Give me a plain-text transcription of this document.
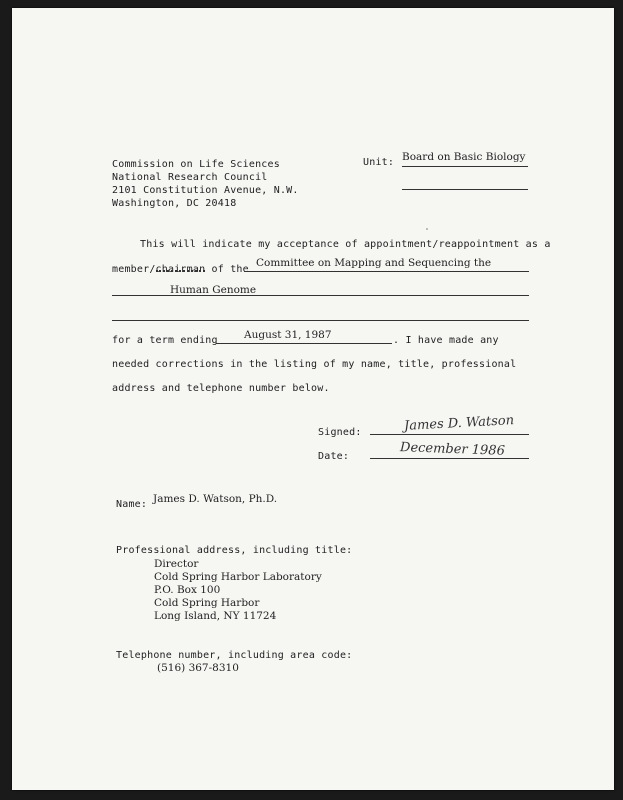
Commission on Life Sciences
National Research Council
2101 Constitution Avenue, N.W.
Washington, DC 20418
Unit: Board on Basic Biology
This will indicate my acceptance of appointment/reappointment as a
member/chairman of the
Committee on Mapping and Sequencing the
Human Genome
for a term ending	August 31, 1987	. I have made any
needed corrections in the listing of my name, title, professional
address and telephone number below.
Signed:	James D. Watson
Date:	December 1986
Name: James D. Watson, Ph.D.
Professional address, including title:
Director
Cold Spring Harbor Laboratory
P.O. Box 100
Cold Spring Harbor
Long Island, NY 11724
Telephone number, including area code:
(516) 367-8310
